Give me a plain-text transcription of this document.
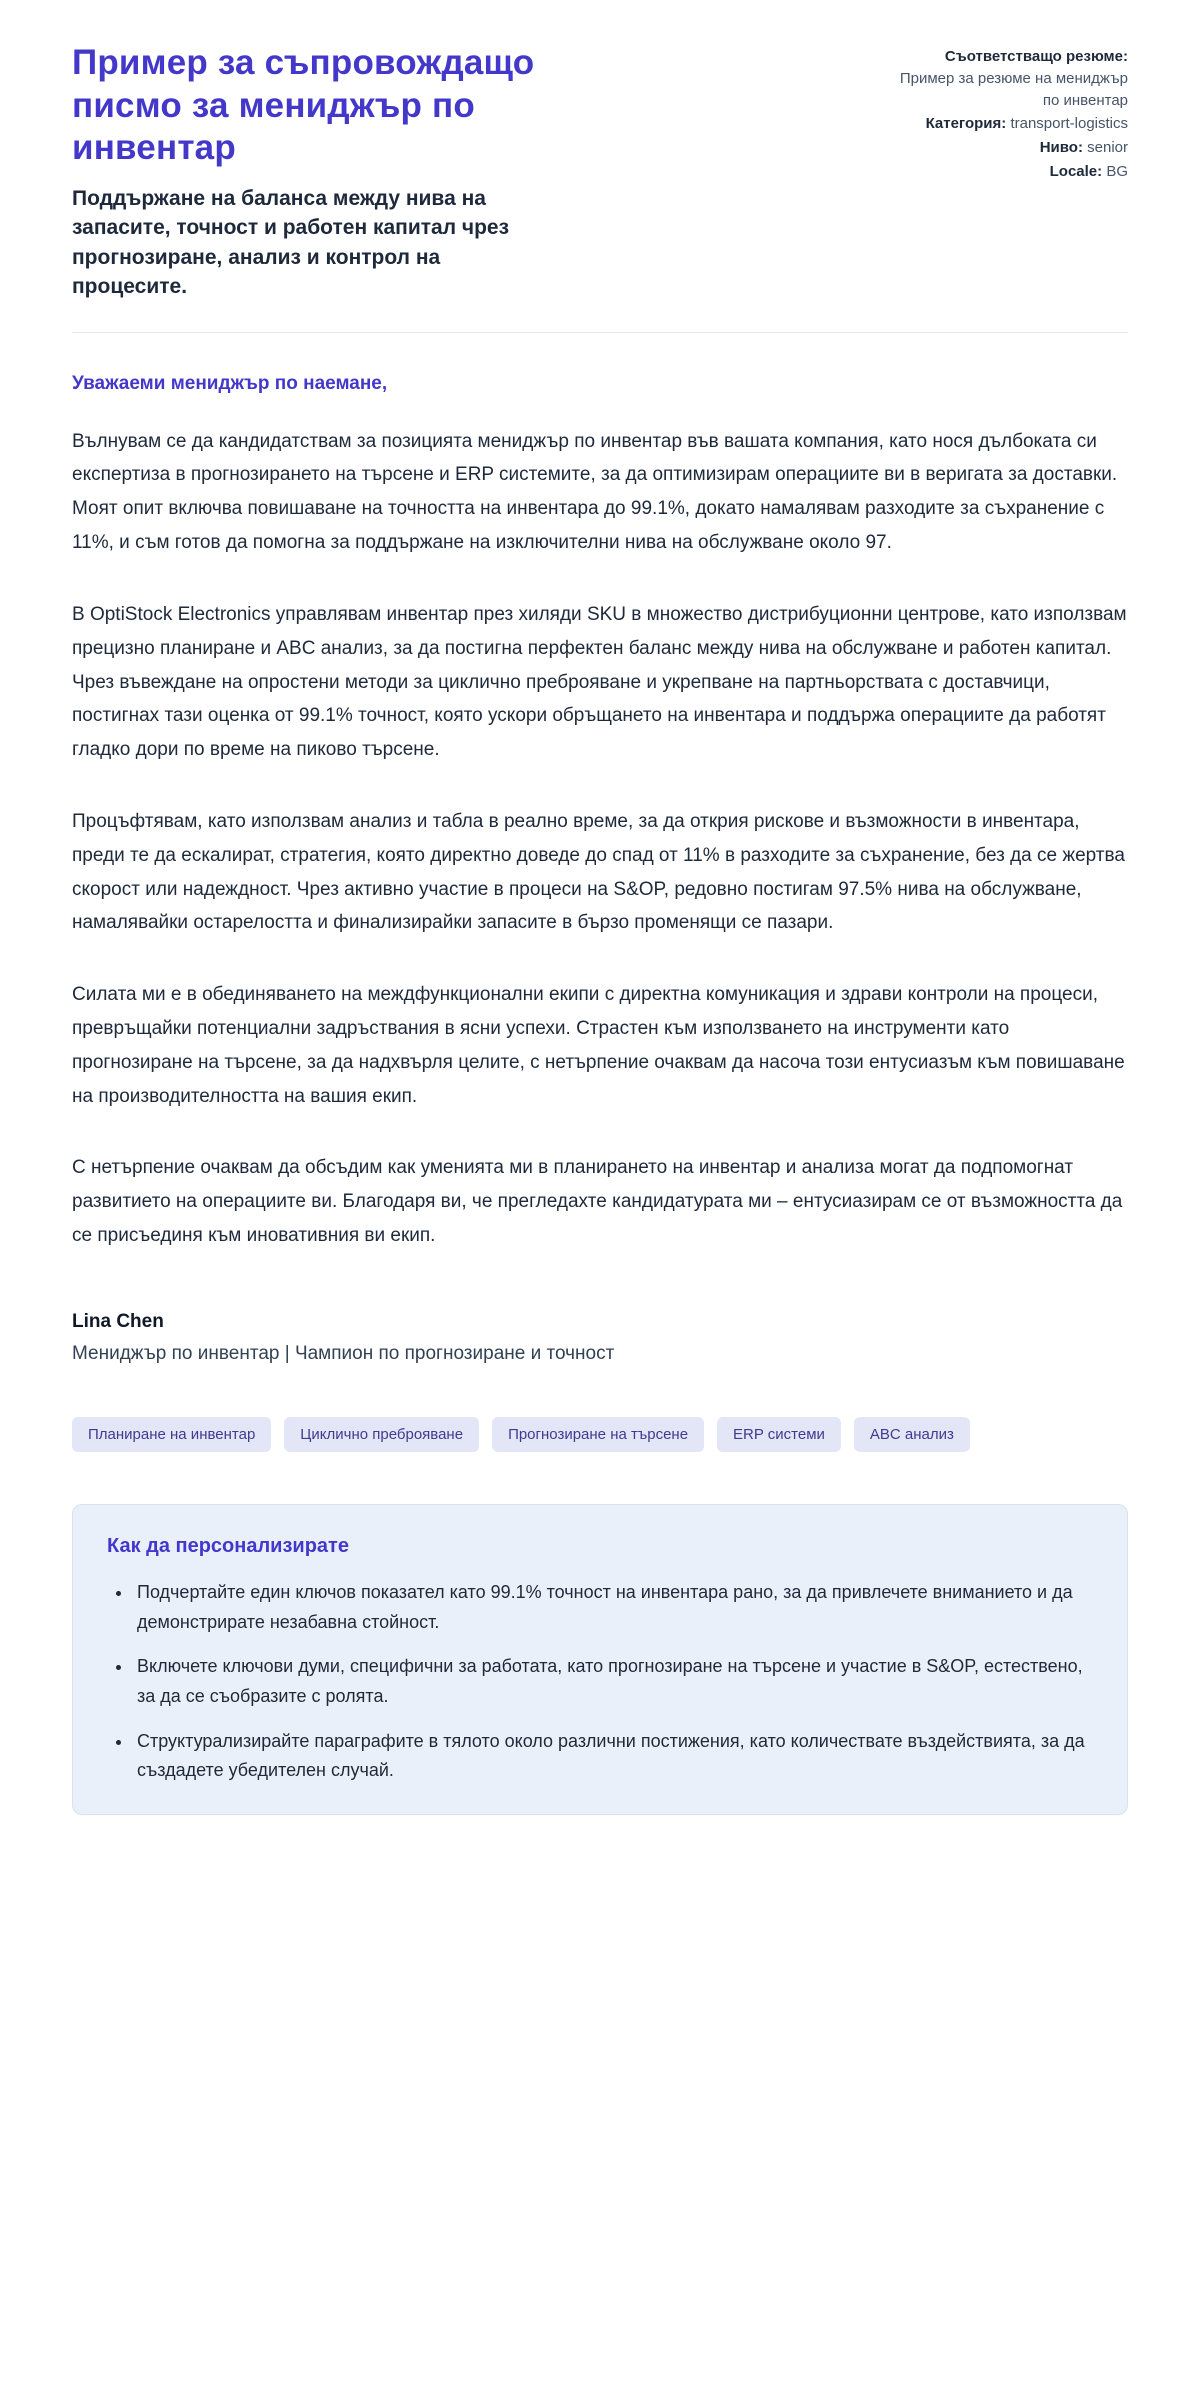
Пример за съпровождащо писмо за мениджър по инвентар
Поддържане на баланса между нива на запасите, точност и работен капитал чрез прогнозиране, анализ и контрол на процесите.
Съответстващо резюме:
Пример за резюме на мениджър по инвентар
Категория: transport-logistics
Ниво: senior
Locale: BG
Уважаеми мениджър по наемане,

Вълнувам се да кандидатствам за позицията мениджър по инвентар във вашата компания, като нося дълбоката си експертиза в прогнозирането на търсене и ERP системите, за да оптимизирам операциите ви в веригата за доставки. Моят опит включва повишаване на точността на инвентара до 99.1%, докато намалявам разходите за съхранение с 11%, и съм готов да помогна за поддържане на изключителни нива на обслужване около 97.

В OptiStock Electronics управлявам инвентар през хиляди SKU в множество дистрибуционни центрове, като използвам прецизно планиране и ABC анализ, за да постигна перфектен баланс между нива на обслужване и работен капитал. Чрез въвеждане на опростени методи за циклично преброяване и укрепване на партньорствата с доставчици, постигнах тази оценка от 99.1% точност, която ускори обръщането на инвентара и поддържа операциите да работят гладко дори по време на пиково търсене.

Процъфтявам, като използвам анализ и табла в реално време, за да открия рискове и възможности в инвентара, преди те да ескалират, стратегия, която директно доведе до спад от 11% в разходите за съхранение, без да се жертва скорост или надеждност. Чрез активно участие в процеси на S&OP, редовно постигам 97.5% нива на обслужване, намалявайки остарелостта и финализирайки запасите в бързо променящи се пазари.

Силата ми е в обединяването на междфункционални екипи с директна комуникация и здрави контроли на процеси, превръщайки потенциални задръствания в ясни успехи. Страстен към използването на инструменти като прогнозиране на търсене, за да надхвърля целите, с нетърпение очаквам да насоча този ентусиазъм към повишаване на производителността на вашия екип.

С нетърпение очаквам да обсъдим как уменията ми в планирането на инвентар и анализа могат да подпомогнат развитието на операциите ви. Благодаря ви, че прегледахте кандидатурата ми – ентусиазирам се от възможността да се присъединя към иновативния ви екип.

Lina Chen
Мениджър по инвентар | Чампион по прогнозиране и точност
Планиране на инвентар	Циклично преброяване	Прогнозиране на търсене	ERP системи	ABC анализ
Как да персонализирате
• Подчертайте един ключов показател като 99.1% точност на инвентара рано, за да привлечете вниманието и да демонстрирате незабавна стойност.
• Включете ключови думи, специфични за работата, като прогнозиране на търсене и участие в S&OP, естествено, за да се съобразите с ролята.
• Структурализирайте параграфите в тялото около различни постижения, като количествате въздействията, за да създадете убедителен случай.
